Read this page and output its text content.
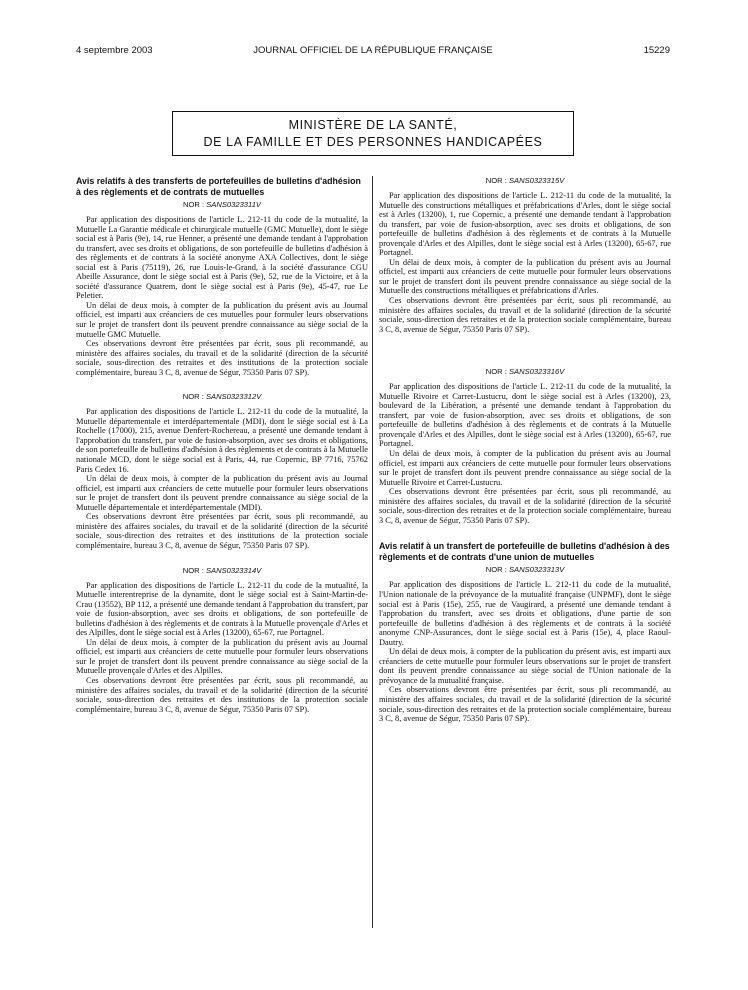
4 septembre 2003	JOURNAL OFFICIEL DE LA RÉPUBLIQUE FRANÇAISE	15229
MINISTÈRE DE LA SANTÉ,
DE LA FAMILLE ET DES PERSONNES HANDICAPÉES
Avis relatifs à des transferts de portefeuilles de bulletins d'adhésion à des règlements et de contrats de mutuelles
NOR : SANS0323311V

Par application des dispositions de l'article L. 212-11 du code de la mutualité, la Mutuelle La Garantie médicale et chirurgicale mutuelle (GMC Mutuelle), dont le siège social est à Paris (9e), 14, rue Henner, a présenté une demande tendant à l'approbation du transfert, avec ses droits et obligations, de son portefeuille de bulletins d'adhésion à des règlements et de contrats à la société anonyme AXA Collectives, dont le siège social est à Paris (75119), 26, rue Louis-le-Grand, à la société d'assurance CGU Abeille Assurance, dont le siège social est à Paris (9e), 52, rue de la Victoire, et à la société d'assurance Quatrem, dont le siège social est à Paris (9e), 45-47, rue Le Peletier.

Un délai de deux mois, à compter de la publication du présent avis au Journal officiel, est imparti aux créanciers de ces mutuelles pour formuler leurs observations sur le projet de transfert dont ils peuvent prendre connaissance au siège social de la mutuelle GMC Mutuelle.

Ces observations devront être présentées par écrit, sous pli recommandé, au ministère des affaires sociales, du travail et de la solidarité (direction de la sécurité sociale, sous-direction des retraites et des institutions de la protection sociale complémentaire, bureau 3 C, 8, avenue de Ségur, 75350 Paris 07 SP).

NOR : SANS0323312V

Par application des dispositions de l'article L. 212-11 du code de la mutualité, la Mutuelle départementale et interdépartementale (MDI), dont le siège social est à La Rochelle (17000), 215, avenue Denfert-Rochereau, a présenté une demande tendant à l'approbation du transfert, par voie de fusion-absorption, avec ses droits et obligations, de son portefeuille de bulletins d'adhésion à des règlements et de contrats à la Mutuelle nationale MCD, dont le siège social est à Paris, 44, rue Copernic, BP 7716, 75762 Paris Cedex 16.

Un délai de deux mois, à compter de la publication du présent avis au Journal officiel, est imparti aux créanciers de cette mutuelle pour formuler leurs observations sur le projet de transfert dont ils peuvent prendre connaissance au siège social de la Mutuelle départementale et interdépartementale (MDI).

Ces observations devront être présentées par écrit, sous pli recommandé, au ministère des affaires sociales, du travail et de la solidarité (direction de la sécurité sociale, sous-direction des retraites et des institutions de la protection sociale complémentaire, bureau 3 C, 8, avenue de Ségur, 75350 Paris 07 SP).

NOR : SANS0323314V

Par application des dispositions de l'article L. 212-11 du code de la mutualité, la Mutuelle interentreprise de la dynamite, dont le siège social est à Saint-Martin-de-Crau (13552), BP 112, a présenté une demande tendant à l'approbation du transfert, par voie de fusion-absorption, avec ses droits et obligations, de son portefeuille de bulletins d'adhésion à des règlements et de contrats à la Mutuelle provençale d'Arles et des Alpilles, dont le siège social est à Arles (13200), 65-67, rue Portagnel.

Un délai de deux mois, à compter de la publication du présent avis au Journal officiel, est imparti aux créanciers de cette mutuelle pour formuler leurs observations sur le projet de transfert dont ils peuvent prendre connaissance au siège social de la Mutuelle provençale d'Arles et des Alpilles.

Ces observations devront être présentées par écrit, sous pli recommandé, au ministère des affaires sociales, du travail et de la solidarité (direction de la sécurité sociale, sous-direction des retraites et des institutions de la protection sociale complémentaire, bureau 3 C, 8, avenue de Ségur, 75350 Paris 07 SP).

NOR : SANS0323315V

Par application des dispositions de l'article L. 212-11 du code de la mutualité, la Mutuelle des constructions métalliques et préfabrications d'Arles, dont le siège social est à Arles (13200), 1, rue Copernic, a présenté une demande tendant à l'approbation du transfert, par voie de fusion-absorption, avec ses droits et obligations, de son portefeuille de bulletins d'adhésion à des règlements et de contrats à la Mutuelle provençale d'Arles et des Alpilles, dont le siège social est à Arles (13200), 65-67, rue Portagnel.

Un délai de deux mois, à compter de la publication du présent avis au Journal officiel, est imparti aux créanciers de cette mutuelle pour formuler leurs observations sur le projet de transfert dont ils peuvent prendre connaissance au siège social de la Mutuelle des constructions métalliques et préfabrications d'Arles.

Ces observations devront être présentées par écrit, sous pli recommandé, au ministère des affaires sociales, du travail et de la solidarité (direction de la sécurité sociale, sous-direction des retraites et de la protection sociale complémentaire, bureau 3 C, 8, avenue de Ségur, 75350 Paris 07 SP).

NOR : SANS0323316V

Par application des dispositions de l'article L. 212-11 du code de la mutualité, la Mutuelle Rivoire et Carret-Lustucru, dont le siège social est à Arles (13200), 23, boulevard de la Libération, a présenté une demande tendant à l'approbation du transfert, par voie de fusion-absorption, avec ses droits et obligations, de son portefeuille de bulletins d'adhésion à des règlements et de contrats à la Mutuelle provençale d'Arles et des Alpilles, dont le siège social est à Arles (13200), 65-67, rue Portagnel.

Un délai de deux mois, à compter de la publication du présent avis au Journal officiel, est imparti aux créanciers de cette mutuelle pour formuler leurs observations sur le projet de transfert dont ils peuvent prendre connaissance au siège social de la Mutuelle Rivoire et Carret-Lustucru.

Ces observations devront être présentées par écrit, sous pli recommandé, au ministère des affaires sociales, du travail et de la solidarité (direction de la sécurité sociale, sous-direction des retraites et de la protection sociale complémentaire, bureau 3 C, 8, avenue de Ségur, 75350 Paris 07 SP).

Avis relatif à un transfert de portefeuille de bulletins d'adhésion à des règlements et de contrats d'une union de mutuelles
NOR : SANS0323313V

Par application des dispositions de l'article L. 212-11 du code de la mutualité, l'Union nationale de la prévoyance de la mutualité française (UNPMF), dont le siège social est à Paris (15e), 255, rue de Vaugirard, a présenté une demande tendant à l'approbation du transfert, avec ses droits et obligations, d'une partie de son portefeuille de bulletins d'adhésion à des règlements et de contrats à la société anonyme CNP-Assurances, dont le siège social est à Paris (15e), 4, place Raoul-Dautry.

Un délai de deux mois, à compter de la publication du présent avis, est imparti aux créanciers de cette mutuelle pour formuler leurs observations sur le projet de transfert dont ils peuvent prendre connaissance au siège social de l'Union nationale de la prévoyance de la mutualité française.

Ces observations devront être présentées par écrit, sous pli recommandé, au ministère des affaires sociales, du travail et de la solidarité (direction de la sécurité sociale, sous-direction des retraites et de la protection sociale complémentaire, bureau 3 C, 8, avenue de Ségur, 75350 Paris 07 SP).
